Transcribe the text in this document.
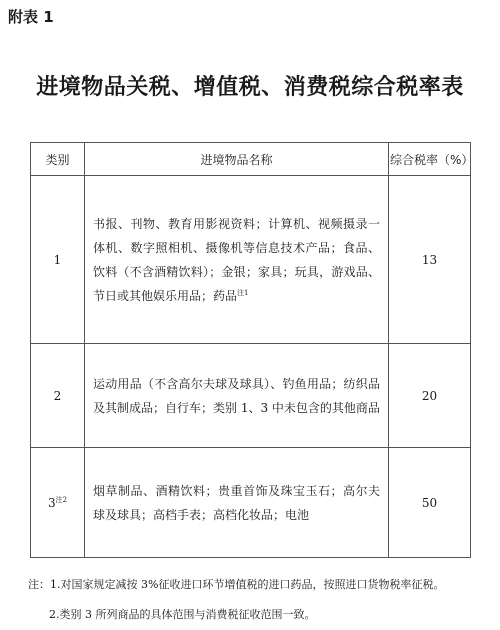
附表 1
进境物品关税、增值税、消费税综合税率表
类别	进境物品名称	综合税率（%）
1	书报、刊物、教育用影视资料；计算机、视频摄录一体机、数字照相机、摄像机等信息技术产品；食品、饮料（不含酒精饮料）；金银；家具；玩具，游戏品、节日或其他娱乐用品；药品$^{注1}$	13
2	运动用品（不含高尔夫球及球具）、钓鱼用品；纺织品及其制成品；自行车；类别 1、3 中未包含的其他商品	20
3$^{注2}$	烟草制品、酒精饮料；贵重首饰及珠宝玉石；高尔夫球及球具；高档手表；高档化妆品；电池	50
注：1.对国家规定减按 3%征收进口环节增值税的进口药品，按照进口货物税率征税。
2.类别 3 所列商品的具体范围与消费税征收范围一致。
